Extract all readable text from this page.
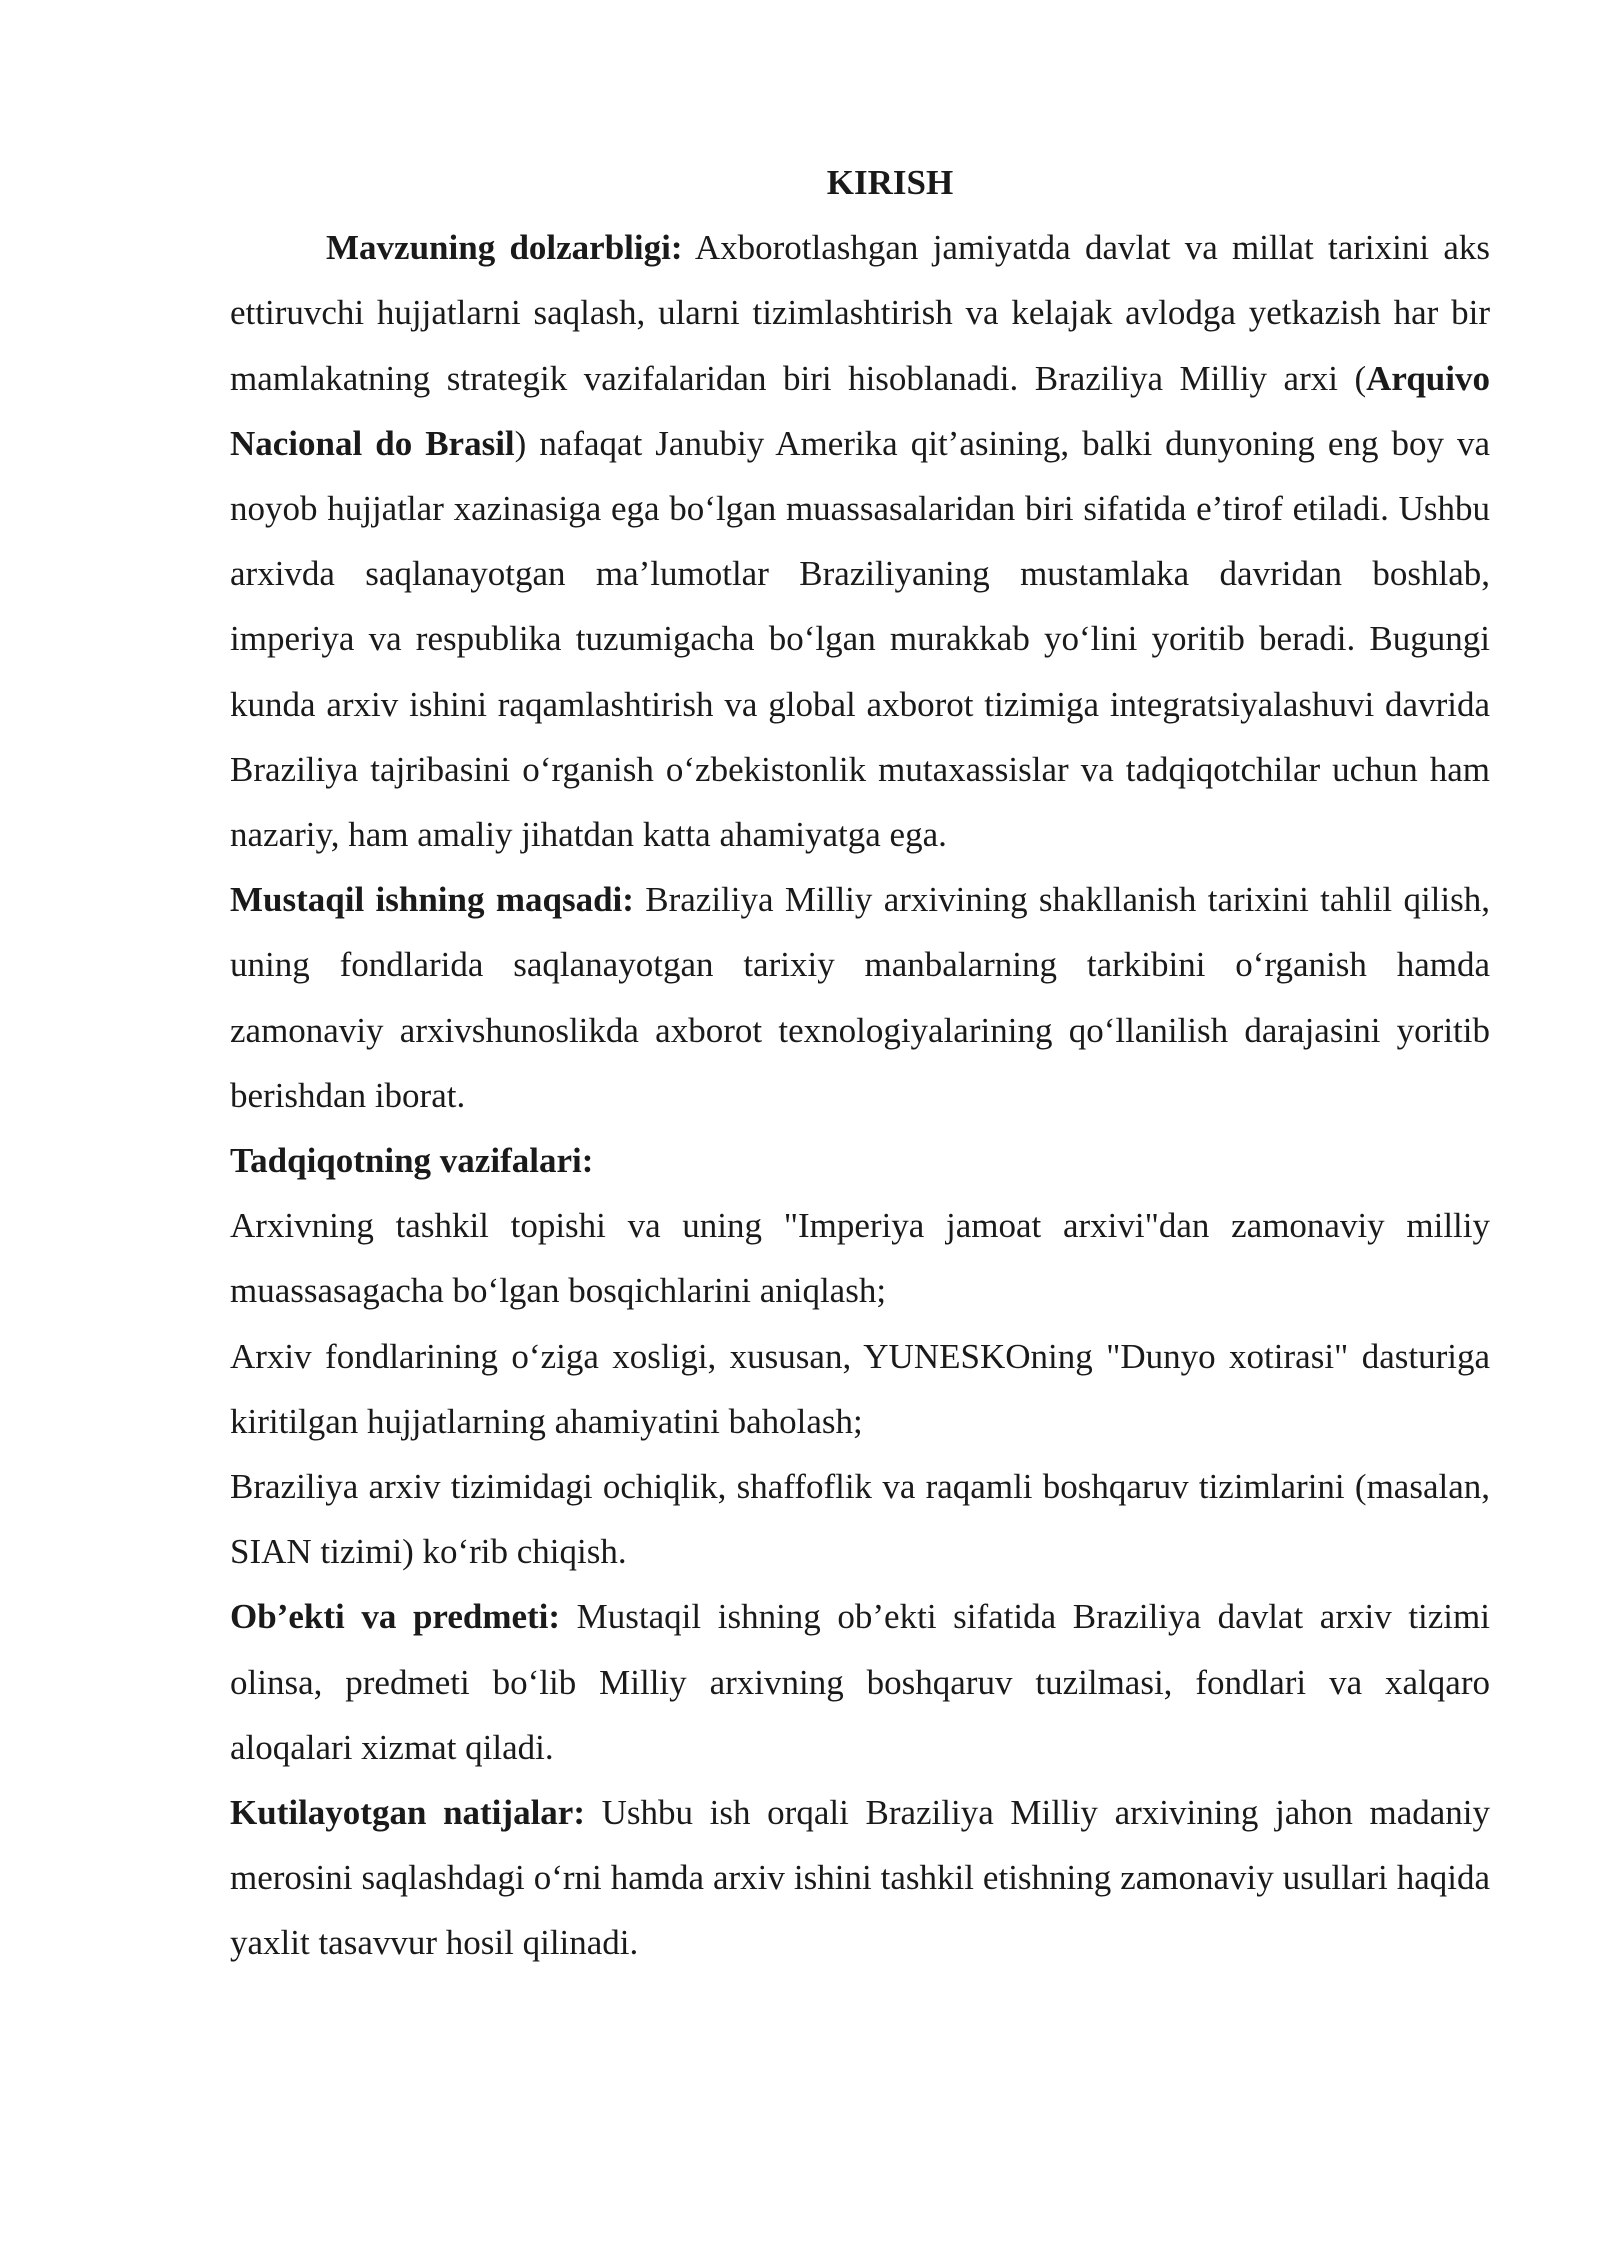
KIRISH

Mavzuning dolzarbligi: Axborotlashgan jamiyatda davlat va millat tarixini aks ettiruvchi hujjatlarni saqlash, ularni tizimlashtirish va kelajak avlodga yetkazish har bir mamlakatning strategik vazifalaridan biri hisoblanadi. Braziliya Milliy arxi (Arquivo Nacional do Brasil) nafaqat Janubiy Amerika qit’asining, balki dunyoning eng boy va noyob hujjatlar xazinasiga ega bo‘lgan muassasalaridan biri sifatida e’tirof etiladi. Ushbu arxivda saqlanayotgan ma’lumotlar Braziliyaning mustamlaka davridan boshlab, imperiya va respublika tuzumigacha bo‘lgan murakkab yo‘lini yoritib beradi. Bugungi kunda arxiv ishini raqamlashtirish va global axborot tizimiga integratsiyalashuvi davrida Braziliya tajribasini o‘rganish o‘zbekistonlik mutaxassislar va tadqiqotchilar uchun ham nazariy, ham amaliy jihatdan katta ahamiyatga ega.

Mustaqil ishning maqsadi: Braziliya Milliy arxivining shakllanish tarixini tahlil qilish, uning fondlarida saqlanayotgan tarixiy manbalarning tarkibini o‘rganish hamda zamonaviy arxivshunoslikda axborot texnologiyalarining qo‘llanilish darajasini yoritib berishdan iborat.

Tadqiqotning vazifalari:

Arxivning tashkil topishi va uning "Imperiya jamoat arxivi"dan zamonaviy milliy muassasagacha bo‘lgan bosqichlarini aniqlash;

Arxiv fondlarining o‘ziga xosligi, xususan, YUNESKOning "Dunyo xotirasi" dasturiga kiritilgan hujjatlarning ahamiyatini baholash;

Braziliya arxiv tizimidagi ochiqlik, shaffoflik va raqamli boshqaruv tizimlarini (masalan, SIAN tizimi) ko‘rib chiqish.

Ob’ekti va predmeti: Mustaqil ishning ob’ekti sifatida Braziliya davlat arxiv tizimi olinsa, predmeti bo‘lib Milliy arxivning boshqaruv tuzilmasi, fondlari va xalqaro aloqalari xizmat qiladi.

Kutilayotgan natijalar: Ushbu ish orqali Braziliya Milliy arxivining jahon madaniy merosini saqlashdagi o‘rni hamda arxiv ishini tashkil etishning zamonaviy usullari haqida yaxlit tasavvur hosil qilinadi.
